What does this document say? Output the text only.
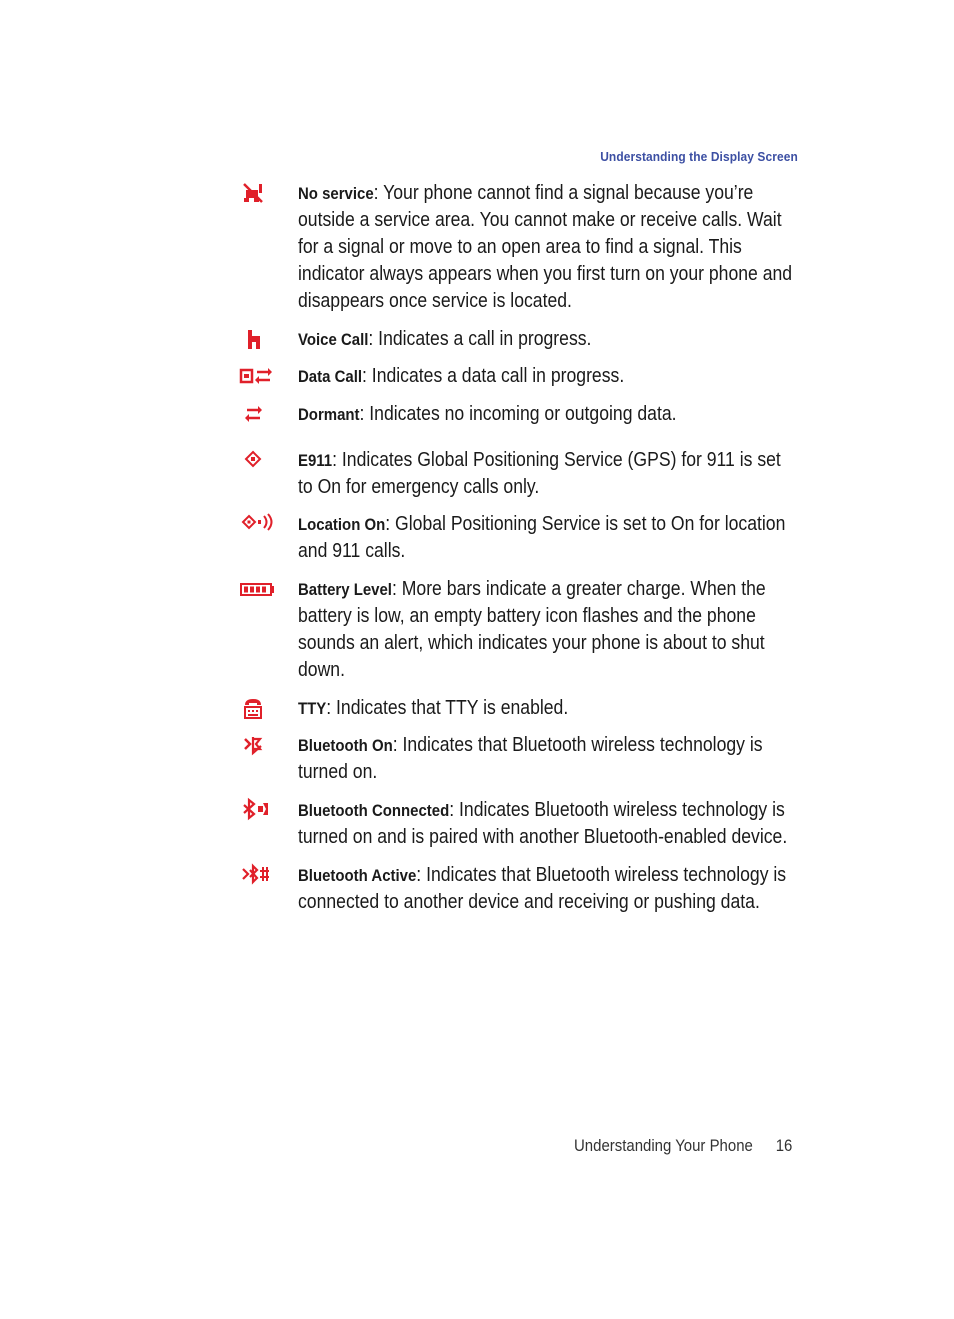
Understanding the Display Screen
No service: Your phone cannot find a signal because you’re outside a service area. You cannot make or receive calls. Wait for a signal or move to an open area to find a signal. This indicator always appears when you first turn on your phone and disappears once service is located.
Voice Call: Indicates a call in progress.
Data Call: Indicates a data call in progress.
Dormant: Indicates no incoming or outgoing data.
E911: Indicates Global Positioning Service (GPS) for 911 is set to On for emergency calls only.
Location On: Global Positioning Service is set to On for location and 911 calls.
Battery Level: More bars indicate a greater charge. When the battery is low, an empty battery icon flashes and the phone sounds an alert, which indicates your phone is about to shut down.
TTY: Indicates that TTY is enabled.
Bluetooth On: Indicates that Bluetooth wireless technology is turned on.
Bluetooth Connected: Indicates Bluetooth wireless technology is turned on and is paired with another Bluetooth-enabled device.
Bluetooth Active: Indicates that Bluetooth wireless technology is connected to another device and receiving or pushing data.
Understanding Your Phone 16
